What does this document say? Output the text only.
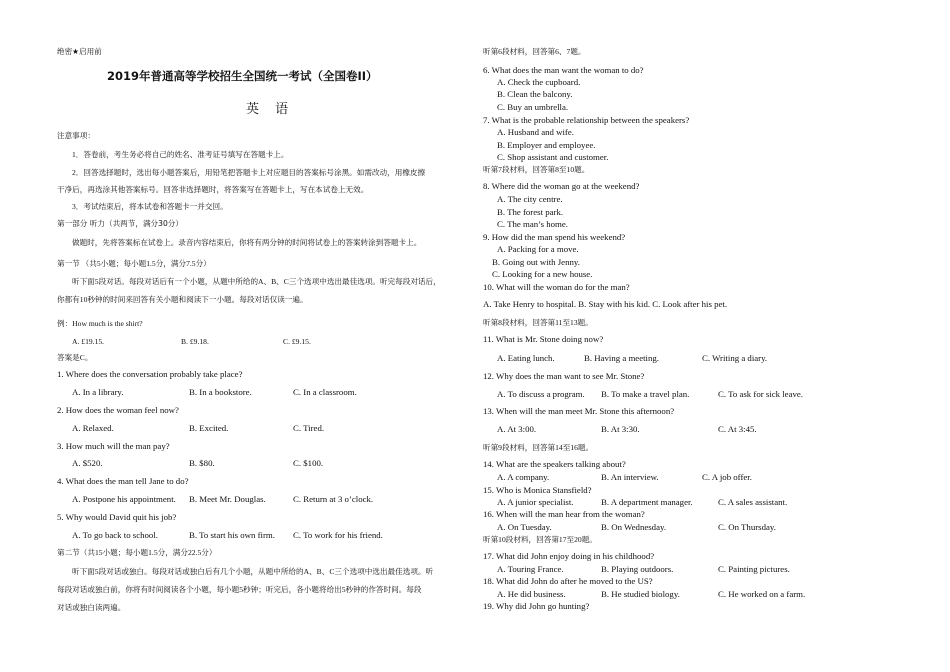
绝密★启用前
2019年普通高等学校招生全国统一考试（全国卷II）
英 语
注意事项：
1．答卷前，考生务必将自己的姓名、准考证号填写在答题卡上。
2．回答选择题时，选出每小题答案后，用铅笔把答题卡上对应题目的答案标号涂黑。如需改动，用橡皮擦
干净后，再选涂其他答案标号。回答非选择题时，将答案写在答题卡上，写在本试卷上无效。
3．考试结束后，将本试卷和答题卡一并交回。
第一部分 听力（共两节，满分30分）
做题时，先将答案标在试卷上。录音内容结束后，你将有两分钟的时间将试卷上的答案转涂到答题卡上。
第一节 （共5小题；每小题1.5分，满分7.5分）
听下面5段对话。每段对话后有一个小题，从题中所给的A、B、C三个选项中选出最佳选项。听完每段对话后，
你都有10秒钟的时间来回答有关小题和阅读下一小题。每段对话仅读一遍。
例：How much is the shirt?
A. £19.15.	B. £9.18.	C. £9.15.
答案是C。
1. Where does the conversation probably take place?
A. In a library.	B. In a bookstore.	C. In a classroom.
2. How does the woman feel now?
A. Relaxed.	B. Excited.	C. Tired.
3. How much will the man pay?
A. $520.	B. $80.	C. $100.
4. What does the man tell Jane to do?
A. Postpone his appointment. B. Meet Mr. Douglas.	C. Return at 3 o’clock.
5. Why would David quit his job?
A. To go back to school.	B. To start his own firm. C. To work for his friend.
第二节（共15小题；每小题1.5分，满分22.5分）
听下面5段对话或独白。每段对话或独白后有几个小题，从题中所给的A、B、C三个选项中选出最佳选项。听
每段对话或独白前，你将有时间阅读各个小题，每小题5秒钟；听完后，各小题将给出5秒钟的作答时间。每段
对话或独白读两遍。
听第6段材料，回答第6、7题。
6. What does the man want the woman to do?
A. Check the cupboard.
B. Clean the balcony.
C. Buy an umbrella.
7. What is the probable relationship between the speakers?
A. Husband and wife.
B. Employer and employee.
C. Shop assistant and customer.
听第7段材料，回答第8至10题。
8. Where did the woman go at the weekend?
A. The city centre.
B. The forest park.
C. The man’s home.
9. How did the man spend his weekend?
A. Packing for a move.
B. Going out with Jenny.
C. Looking for a new house.
10. What will the woman do for the man?
A. Take Henry to hospital. B. Stay with his kid. C. Look after his pet.
听第8段材料，回答第11至13题。
11. What is Mr. Stone doing now?
A. Eating lunch.	B. Having a meeting.	C. Writing a diary.
12. Why does the man want to see Mr. Stone?
A. To discuss a program. B. To make a travel plan.	C. To ask for sick leave.
13. When will the man meet Mr. Stone this afternoon?
A. At 3:00.	B. At 3:30.	C. At 3:45.
听第9段材料，回答第14至16题。
14. What are the speakers talking about?
A. A company.	B. An interview.	C. A job offer.
15. Who is Monica Stansfield?
A. A junior specialist.	B. A department manager.	C. A sales assistant.
16. When will the man hear from the woman?
A. On Tuesday.	B. On Wednesday.	C. On Thursday.
听第10段材料，回答第17至20题。
17. What did John enjoy doing in his childhood?
A. Touring France.	B. Playing outdoors.	C. Painting pictures.
18. What did John do after he moved to the US?
A. He did business.	B. He studied biology.	C. He worked on a farm.
19. Why did John go hunting?
